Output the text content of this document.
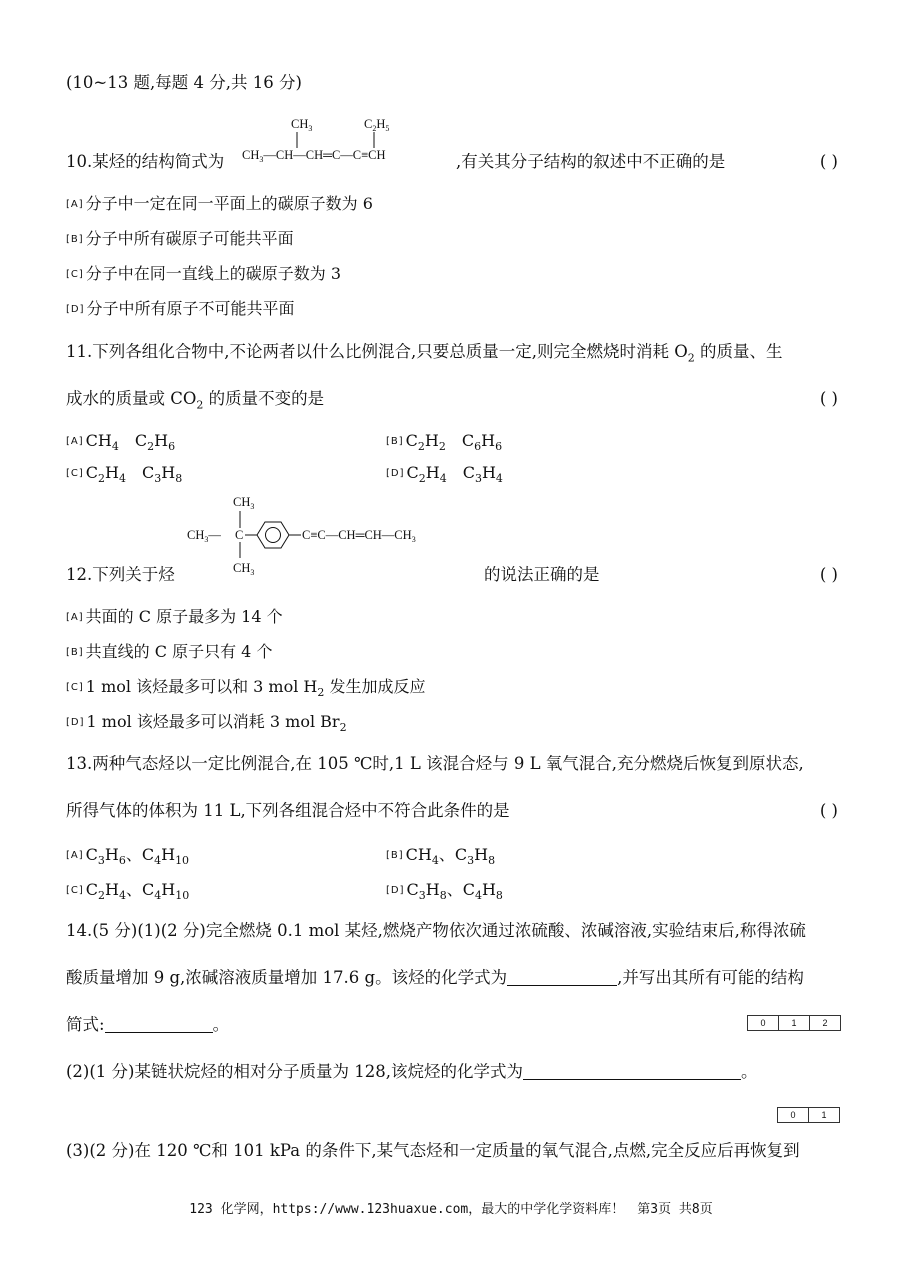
(10~13 题,每题 4 分,共 16 分)
10.某烃的结构简式为
$CH_3$	$C_2H_5$
$CH_3—CH—CH═C—C\equiv CH$	,有关其分子结构的叙述中不正确的是	( )
[A] 分子中一定在同一平面上的碳原子数为 6
[B] 分子中所有碳原子可能共平面
[C] 分子中在同一直线上的碳原子数为 3
[D] 分子中所有原子不可能共平面
11.下列各组化合物中,不论两者以什么比例混合,只要总质量一定,则完全燃烧时消耗 $O_2$ 的质量、生
成水的质量或 $CO_2$ 的质量不变的是	( )
[A] $CH_4$　$C_2H_6$	[B] $C_2H_2$　$C_6H_6$
[C] $C_2H_4$　$C_3H_8$	[D] $C_2H_4$　$C_3H_4$
12.下列关于烃
$CH_3$
$CH_3—$ C
$CH_3$
$C\equiv C—CH═CH—CH_3$
的说法正确的是	( )
[A] 共面的 C 原子最多为 14 个
[B] 共直线的 C 原子只有 4 个
[C] 1 mol 该烃最多可以和 3 mol $H_2$ 发生加成反应
[D] 1 mol 该烃最多可以消耗 3 mol $Br_2$
13.两种气态烃以一定比例混合,在 105 ℃时,1 L 该混合烃与 9 L 氧气混合,充分燃烧后恢复到原状态,
所得气体的体积为 11 L,下列各组混合烃中不符合此条件的是	( )
[A] $C_3H_6$、$C_4H_{10}$	[B] $CH_4$、$C_3H_8$
[C] $C_2H_4$、$C_4H_{10}$	[D] $C_3H_8$、$C_4H_8$
14.(5 分)(1)(2 分)完全燃烧 0.1 mol 某烃,燃烧产物依次通过浓硫酸、浓碱溶液,实验结束后,称得浓硫
酸质量增加 9 g,浓碱溶液质量增加 17.6 g。该烃的化学式为	,并写出其所有可能的结构
简式:	。	0	1	2
(2)(1 分)某链状烷烃的相对分子质量为 128,该烷烃的化学式为	。
0	1
(3)(2 分)在 120 ℃和 101 kPa 的条件下,某气态烃和一定质量的氧气混合,点燃,完全反应后再恢复到
123 化学网，https://www.123huaxue.com，最大的中学化学资料库！　第3页 共8页
